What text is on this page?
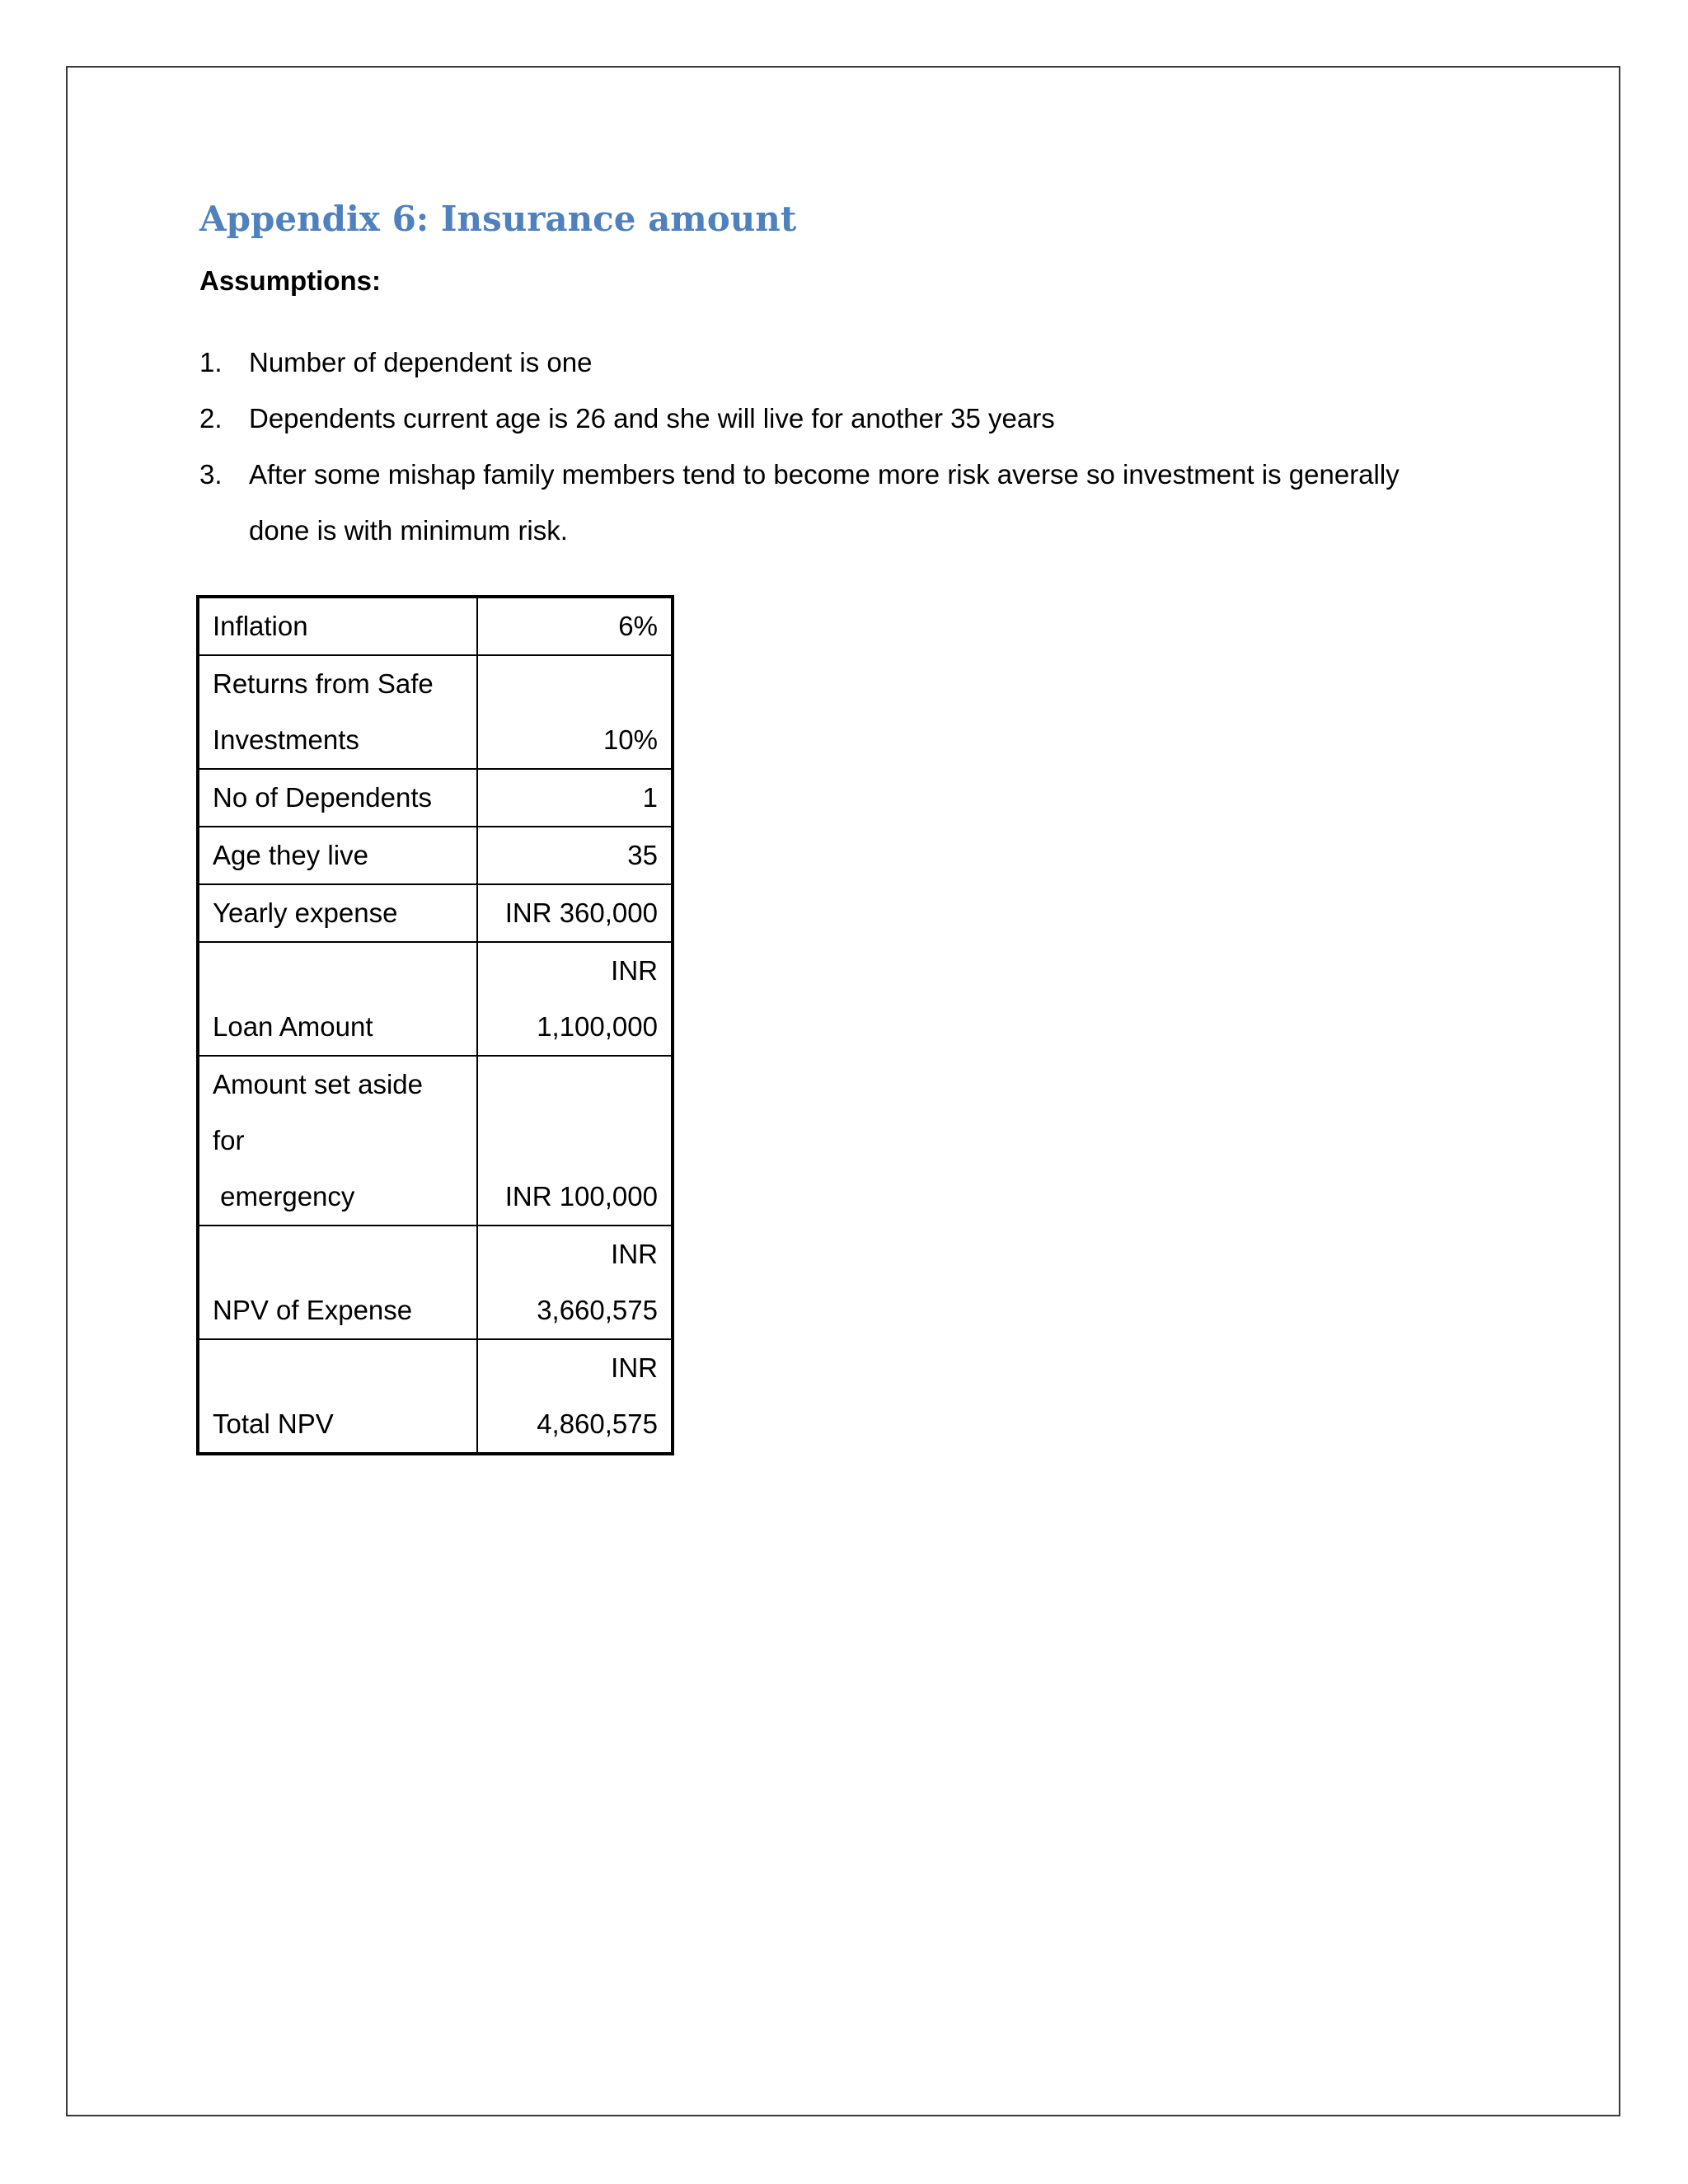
Appendix 6: Insurance amount
Assumptions:
1. Number of dependent is one
2. Dependents current age is 26 and she will live for another 35 years
3. After some mishap family members tend to become more risk averse so investment is generally
done is with minimum risk.
Inflation	6%

Returns from Safe
Investments	10%

No of Dependents	1

Age they live	35

Yearly expense	INR 360,000

Loan Amount	INR
1,100,000

Amount set aside
for
emergency	INR 100,000

NPV of Expense	INR
3,660,575

Total NPV	INR
4,860,575
